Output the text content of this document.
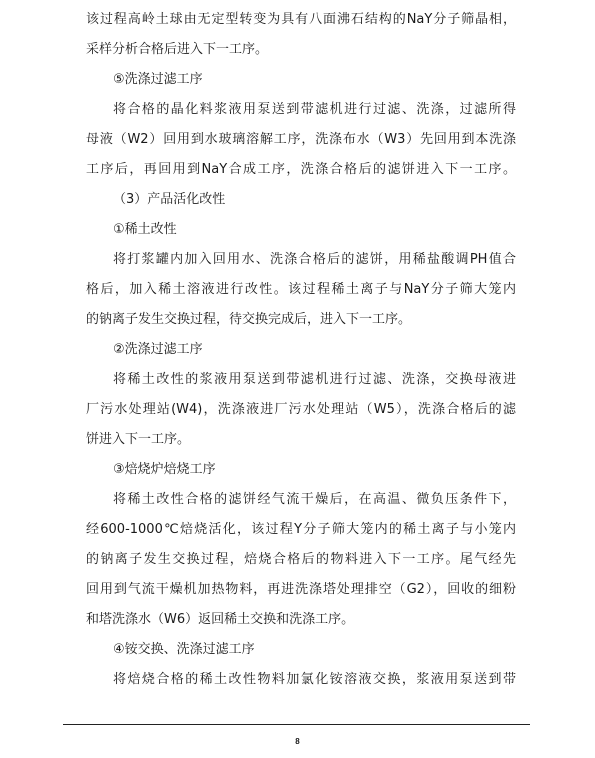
该过程高岭土球由无定型转变为具有八面沸石结构的NaY分子筛晶相，
采样分析合格后进入下一工序。
⑤洗涤过滤工序
将合格的晶化料浆液用泵送到带滤机进行过滤、洗涤，过滤所得
母液（W2）回用到水玻璃溶解工序，洗涤布水（W3）先回用到本洗涤
工序后，再回用到NaY合成工序，洗涤合格后的滤饼进入下一工序。
（3）产品活化改性
①稀土改性
将打浆罐内加入回用水、洗涤合格后的滤饼，用稀盐酸调PH值合
格后，加入稀土溶液进行改性。该过程稀土离子与NaY分子筛大笼内
的钠离子发生交换过程，待交换完成后，进入下一工序。
②洗涤过滤工序
将稀土改性的浆液用泵送到带滤机进行过滤、洗涤，交换母液进
厂污水处理站(W4)，洗涤液进厂污水处理站（W5），洗涤合格后的滤
饼进入下一工序。
③焙烧炉焙烧工序
将稀土改性合格的滤饼经气流干燥后，在高温、微负压条件下，
经600-1000℃焙烧活化，该过程Y分子筛大笼内的稀土离子与小笼内
的钠离子发生交换过程，焙烧合格后的物料进入下一工序。尾气经先
回用到气流干燥机加热物料，再进洗涤塔处理排空（G2），回收的细粉
和塔洗涤水（W6）返回稀土交换和洗涤工序。
④铵交换、洗涤过滤工序
将焙烧合格的稀土改性物料加氯化铵溶液交换，浆液用泵送到带
8
